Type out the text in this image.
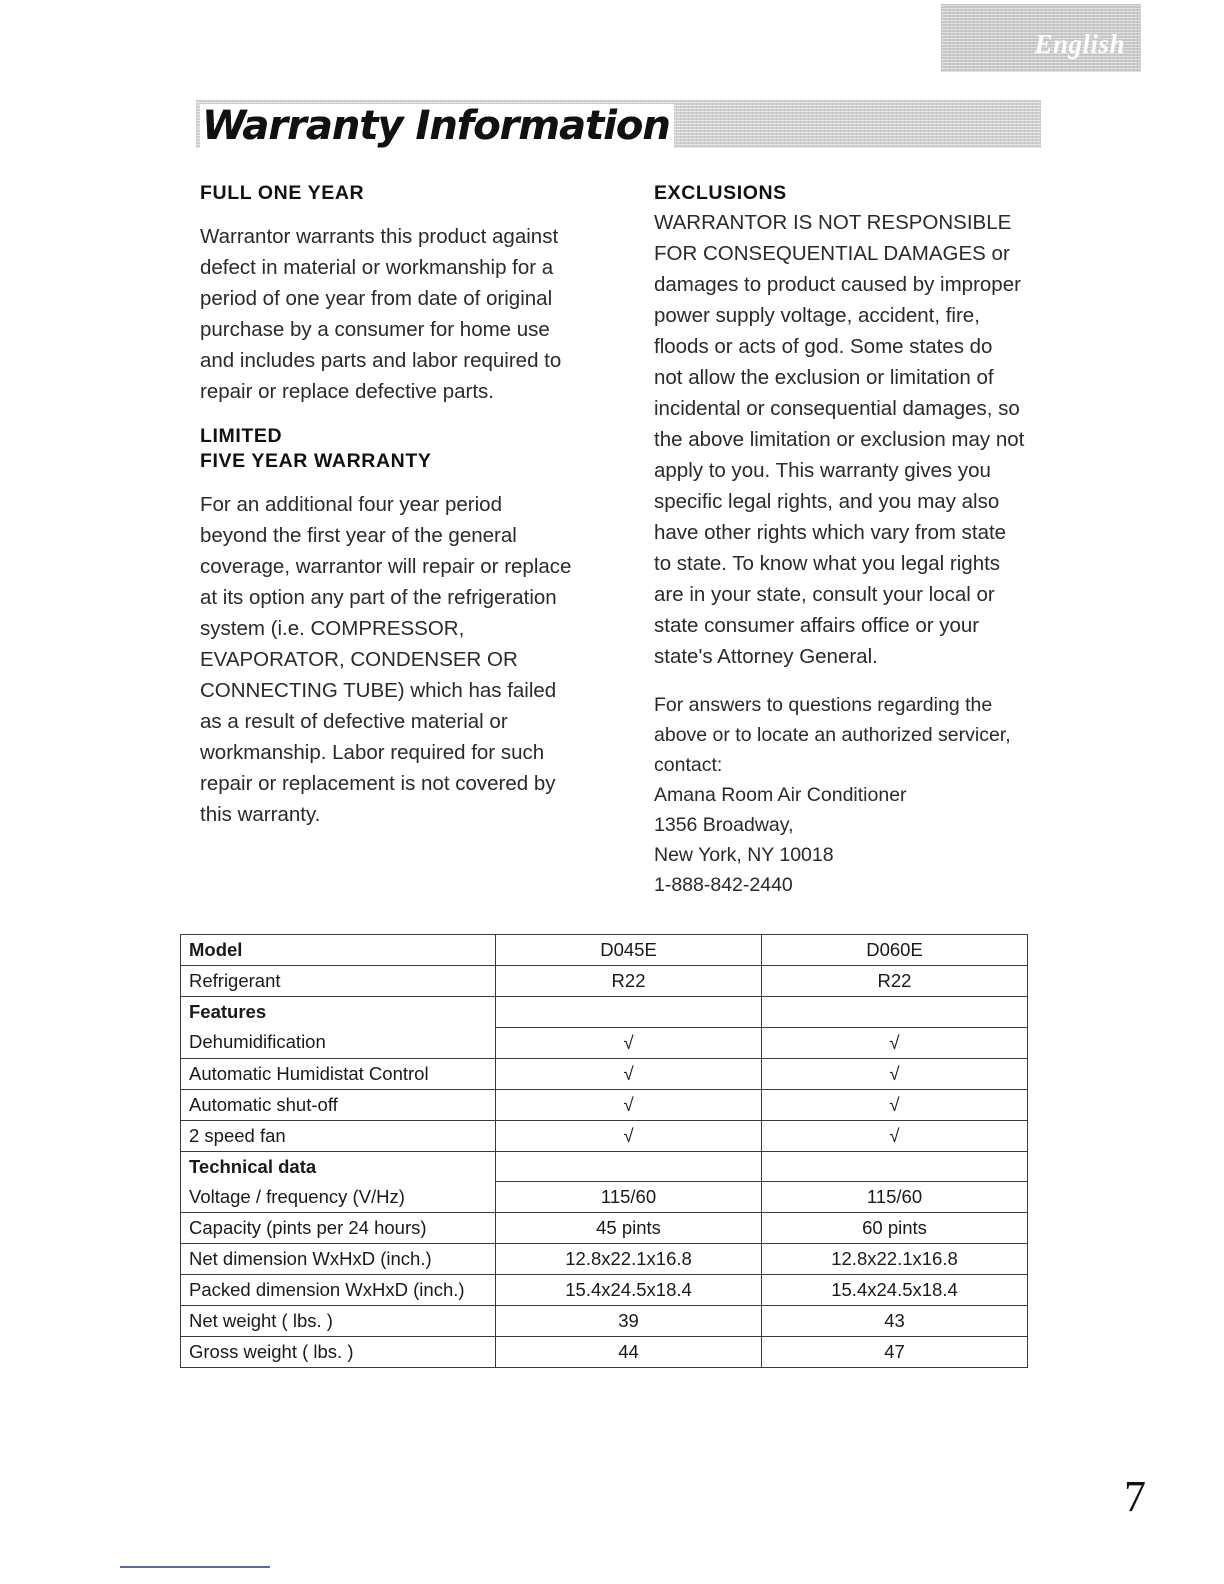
English
Warranty Information
FULL ONE YEAR

Warrantor warrants this product against defect in material or workmanship for a period of one year from date of original purchase by a consumer for home use and includes parts and labor required to repair or replace defective parts.

LIMITED
FIVE YEAR WARRANTY

For an additional four year period beyond the first year of the general coverage, warrantor will repair or replace at its option any part of the refrigeration system (i.e. COMPRESSOR, EVAPORATOR, CONDENSER OR CONNECTING TUBE) which has failed as a result of defective material or workmanship. Labor required for such repair or replacement is not covered by this warranty.

EXCLUSIONS

WARRANTOR IS NOT RESPONSIBLE FOR CONSEQUENTIAL DAMAGES or damages to product caused by improper power supply voltage, accident, fire, floods or acts of god. Some states do not allow the exclusion or limitation of incidental or consequential damages, so the above limitation or exclusion may not apply to you. This warranty gives you specific legal rights, and you may also have other rights which vary from state to state. To know what you legal rights are in your state, consult your local or state consumer affairs office or your state's Attorney General.

For answers to questions regarding the above or to locate an authorized servicer, contact:

Amana Room Air Conditioner

1356 Broadway,

New York, NY 10018

1-888-842-2440

Model	D045E	D060E
Refrigerant	R22	R22
Features		
Dehumidification	√	√
Automatic Humidistat Control	√	√
Automatic shut-off	√	√
2 speed fan	√	√
Technical data		
Voltage / frequency (V/Hz)	115/60	115/60
Capacity (pints per 24 hours)	45 pints	60 pints
Net dimension WxHxD (inch.)	12.8x22.1x16.8	12.8x22.1x16.8
Packed dimension WxHxD (inch.)	15.4x24.5x18.4	15.4x24.5x18.4
Net weight ( lbs. )	39	43
Gross weight ( lbs. )	44	47
7
